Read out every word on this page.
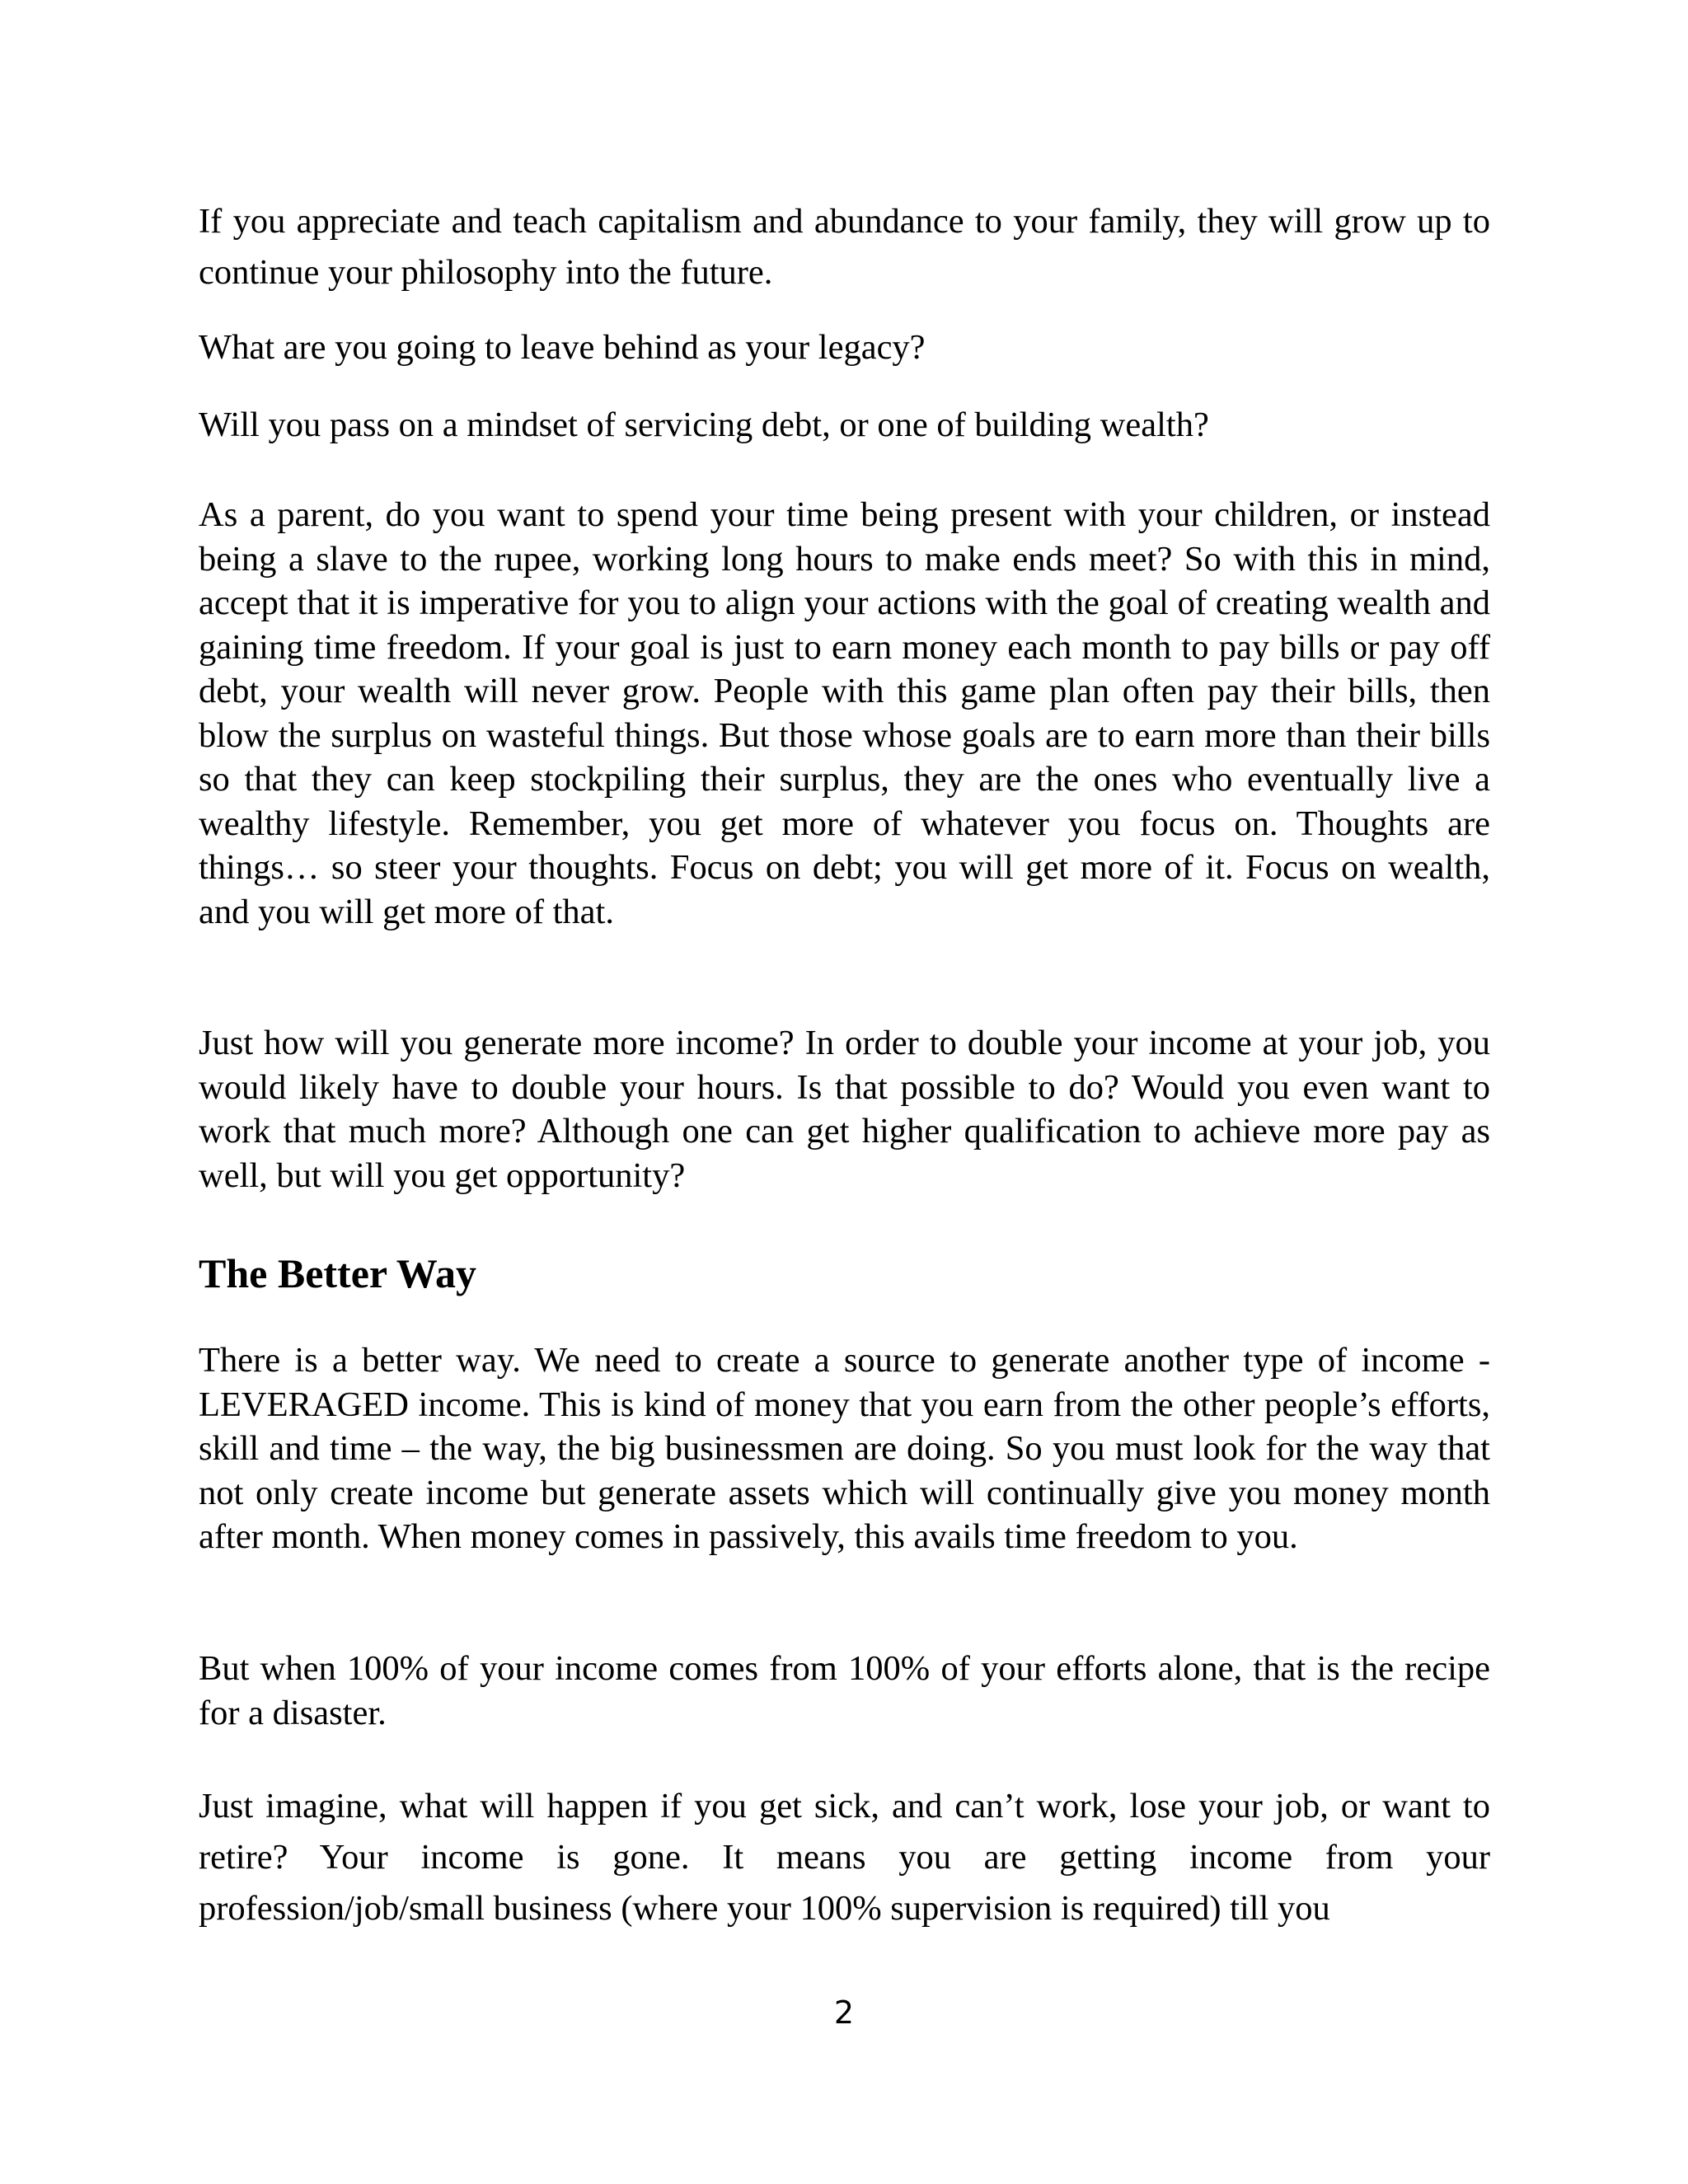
If you appreciate and teach capitalism and abundance to your family, they will grow up to continue your philosophy into the future.

What are you going to leave behind as your legacy?

Will you pass on a mindset of servicing debt, or one of building wealth?

As a parent, do you want to spend your time being present with your children, or instead being a slave to the rupee, working long hours to make ends meet? So with this in mind, accept that it is imperative for you to align your actions with the goal of creating wealth and gaining time freedom. If your goal is just to earn money each month to pay bills or pay off debt, your wealth will never grow. People with this game plan often pay their bills, then blow the surplus on wasteful things. But those whose goals are to earn more than their bills so that they can keep stockpiling their surplus, they are the ones who eventually live a wealthy lifestyle. Remember, you get more of whatever you focus on. Thoughts are things… so steer your thoughts. Focus on debt; you will get more of it. Focus on wealth, and you will get more of that.

Just how will you generate more income? In order to double your income at your job, you would likely have to double your hours. Is that possible to do? Would you even want to work that much more? Although one can get higher qualification to achieve more pay as well, but will you get opportunity?

The Better Way

There is a better way. We need to create a source to generate another type of income - LEVERAGED income. This is kind of money that you earn from the other people’s efforts, skill and time – the way, the big businessmen are doing. So you must look for the way that not only create income but generate assets which will continually give you money month after month. When money comes in passively, this avails time freedom to you.

But when 100% of your income comes from 100% of your efforts alone, that is the recipe for a disaster.

Just imagine, what will happen if you get sick, and can’t work, lose your job, or want to retire? Your income is gone. It means you are getting income from your profession/job/small business (where your 100% supervision is required) till you

2
